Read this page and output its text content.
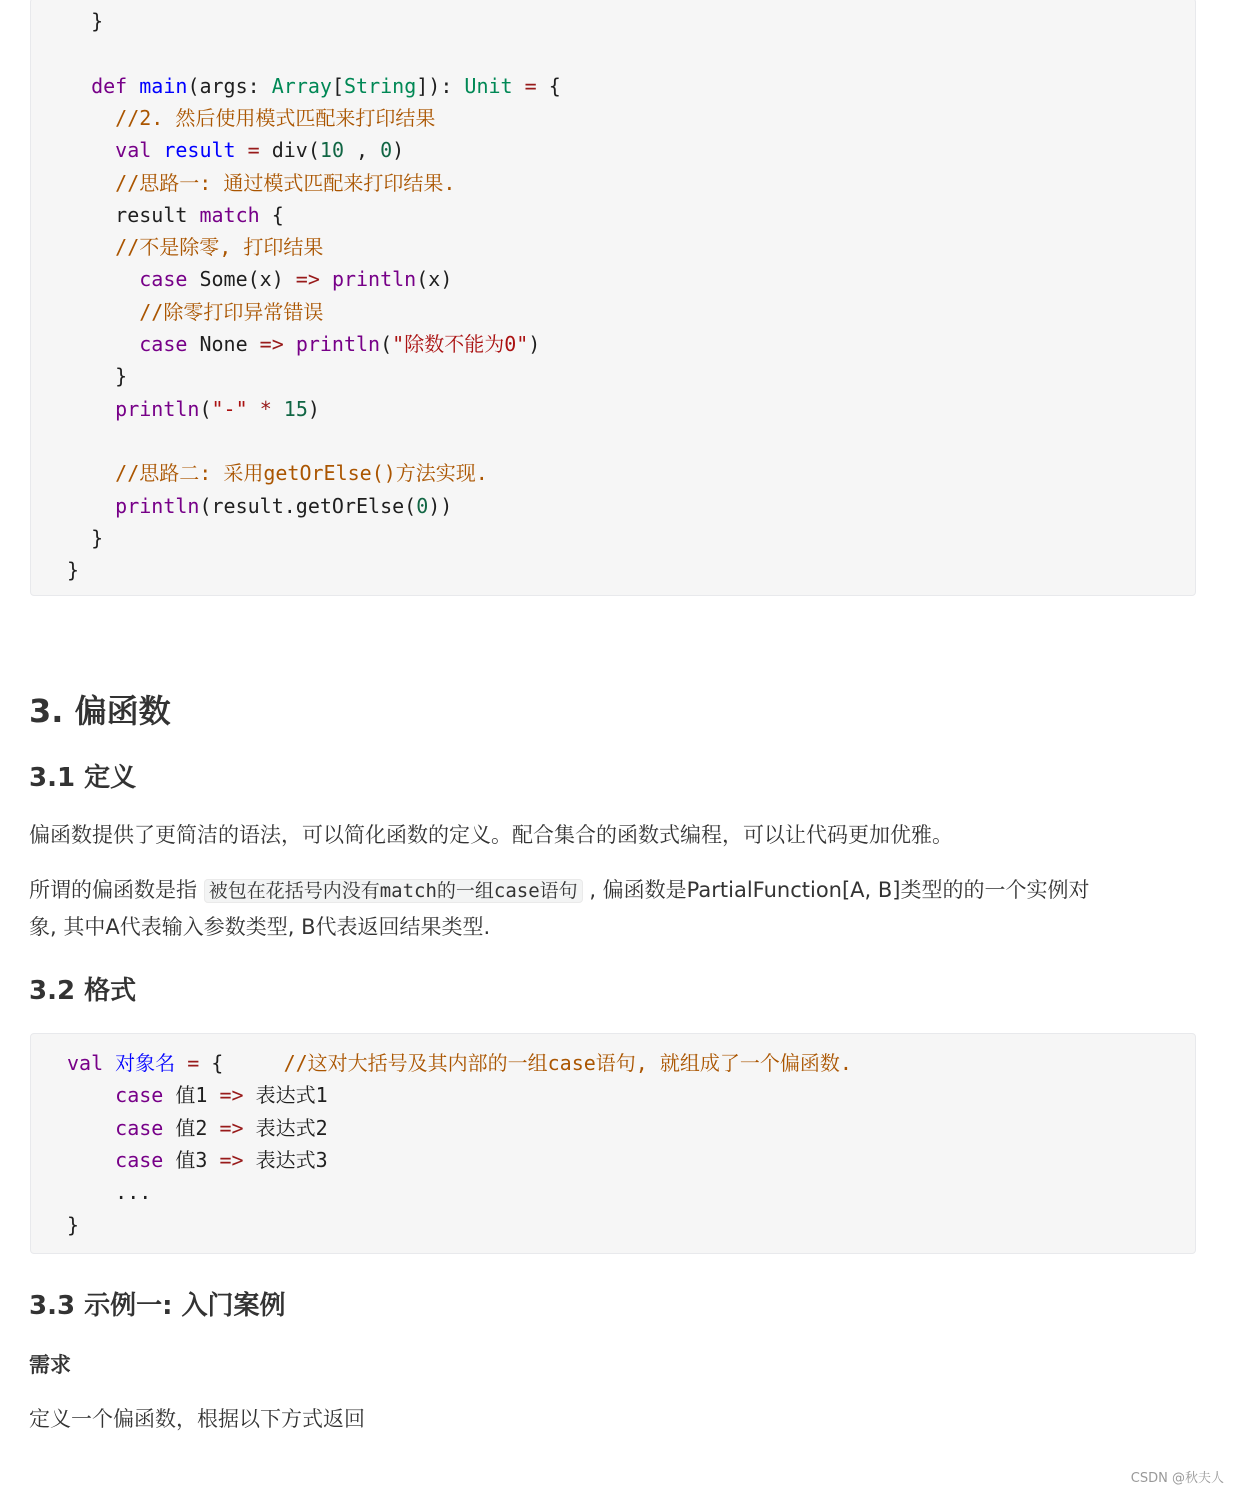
}
def main(args: Array[String]): Unit = {
//2. 然后使用模式匹配来打印结果
val result = div(10 , 0)
//思路一: 通过模式匹配来打印结果.
result match {
//不是除零, 打印结果
case Some(x) => println(x)
//除零打印异常错误
case None => println("除数不能为0")
}
println("-" * 15)
//思路二: 采用getOrElse()方法实现.
println(result.getOrElse(0))
}
}
3. 偏函数
3.1 定义
偏函数提供了更简洁的语法，可以简化函数的定义。配合集合的函数式编程，可以让代码更加优雅。
所谓的偏函数是指 被包在花括号内没有match的一组case语句 , 偏函数是PartialFunction[A, B]类型的的一个实例对
象, 其中A代表输入参数类型, B代表返回结果类型.
3.2 格式
val 对象名 = {     //这对大括号及其内部的一组case语句, 就组成了一个偏函数.
case 值1 => 表达式1
case 值2 => 表达式2
case 值3 => 表达式3
...
}
3.3 示例一: 入门案例
需求
定义一个偏函数，根据以下方式返回
CSDN @秋夫人
